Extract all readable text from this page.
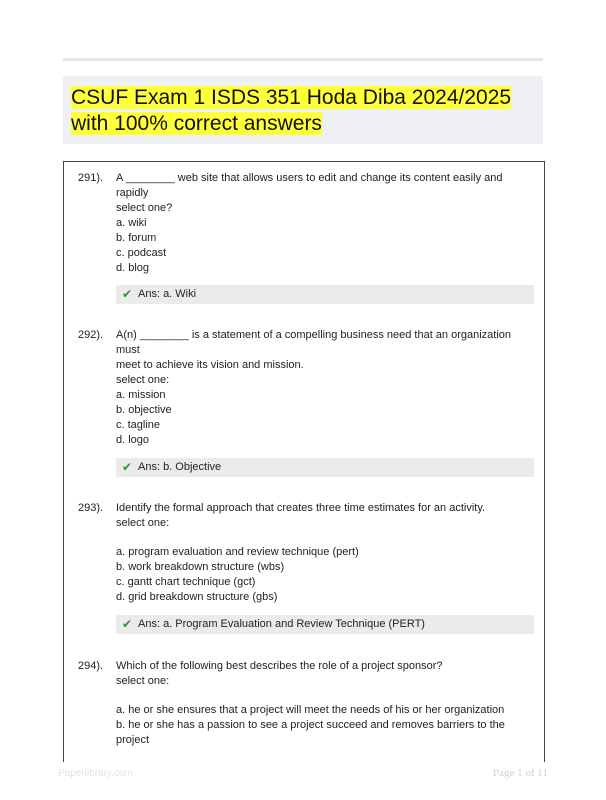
CSUF Exam 1 ISDS 351 Hoda Diba 2024/2025
with 100% correct answers
291). A ________ web site that allows users to edit and change its content easily and rapidly
select one?
a. wiki
b. forum
c. podcast
d. blog
✔ Ans: a. Wiki
292). A(n) ________ is a statement of a compelling business need that an organization must
meet to achieve its vision and mission.
select one:
a. mission
b. objective
c. tagline
d. logo
✔ Ans: b. Objective
293). Identify the formal approach that creates three time estimates for an activity.
select one:
a. program evaluation and review technique (pert)
b. work breakdown structure (wbs)
c. gantt chart technique (gct)
d. grid breakdown structure (gbs)
✔ Ans: a. Program Evaluation and Review Technique (PERT)
294). Which of the following best describes the role of a project sponsor?
select one:
a. he or she ensures that a project will meet the needs of his or her organization
b. he or she has a passion to see a project succeed and removes barriers to the project
Paperlibrary.com	Page 1 of 11
